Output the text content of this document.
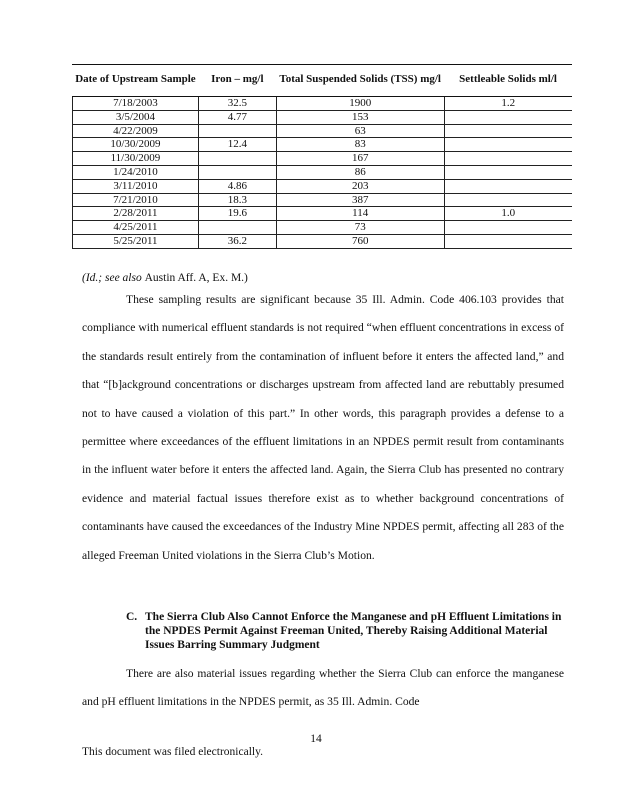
Date of Upstream Sample	Iron – mg/l	Total Suspended Solids (TSS) mg/l	Settleable Solids ml/l
7/18/2003	32.5	1900	1.2
3/5/2004	4.77	153	
4/22/2009		63	
10/30/2009	12.4	83	
11/30/2009		167	
1/24/2010		86	
3/11/2010	4.86	203	
7/21/2010	18.3	387	
2/28/2011	19.6	114	1.0
4/25/2011		73	
5/25/2011	36.2	760	
(Id.; see also Austin Aff. A, Ex. M.)

These sampling results are significant because 35 Ill. Admin. Code 406.103 provides that compliance with numerical effluent standards is not required “when effluent concentrations in excess of the standards result entirely from the contamination of influent before it enters the affected land,” and that “[b]ackground concentrations or discharges upstream from affected land are rebuttably presumed not to have caused a violation of this part.” In other words, this paragraph provides a defense to a permittee where exceedances of the effluent limitations in an NPDES permit result from contaminants in the influent water before it enters the affected land. Again, the Sierra Club has presented no contrary evidence and material factual issues therefore exist as to whether background concentrations of contaminants have caused the exceedances of the Industry Mine NPDES permit, affecting all 283 of the alleged Freeman United violations in the Sierra Club’s Motion.

C. The Sierra Club Also Cannot Enforce the Manganese and pH Effluent Limitations in the NPDES Permit Against Freeman United, Thereby Raising Additional Material Issues Barring Summary Judgment

There are also material issues regarding whether the Sierra Club can enforce the manganese and pH effluent limitations in the NPDES permit, as 35 Ill. Admin. Code

14
This document was filed electronically.
